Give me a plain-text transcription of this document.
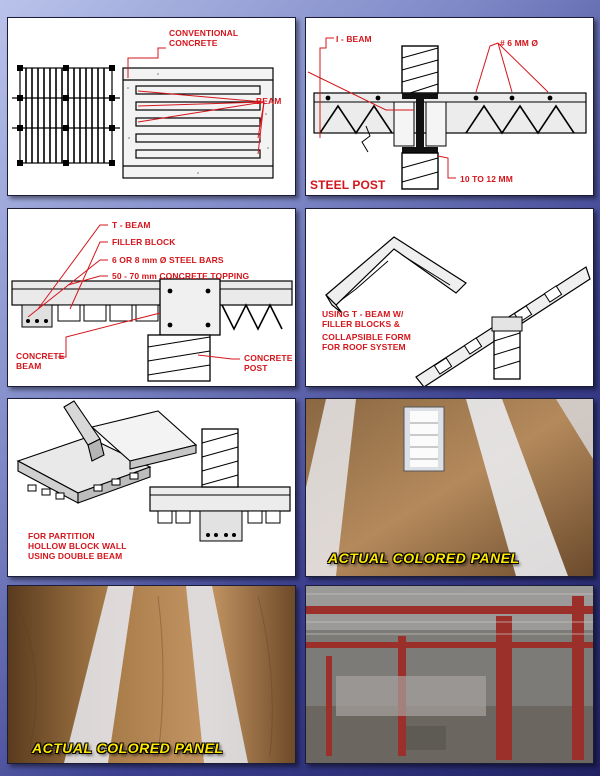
CONVENTIONAL
CONCRETE
BEAM
I - BEAM	# 6 MM Ø
STEEL POST	10 TO 12 MM
T - BEAM
FILLER BLOCK
6 OR 8 mm Ø STEEL BARS
50 - 70 mm CONCRETE TOPPING
CONCRETE
BEAM
CONCRETE
POST
USING T - BEAM W/
FILLER BLOCKS &
COLLAPSIBLE FORM
FOR ROOF SYSTEM
FOR PARTITION
HOLLOW BLOCK WALL
USING DOUBLE BEAM	ACTUAL COLORED PANEL
ACTUAL COLORED PANEL
